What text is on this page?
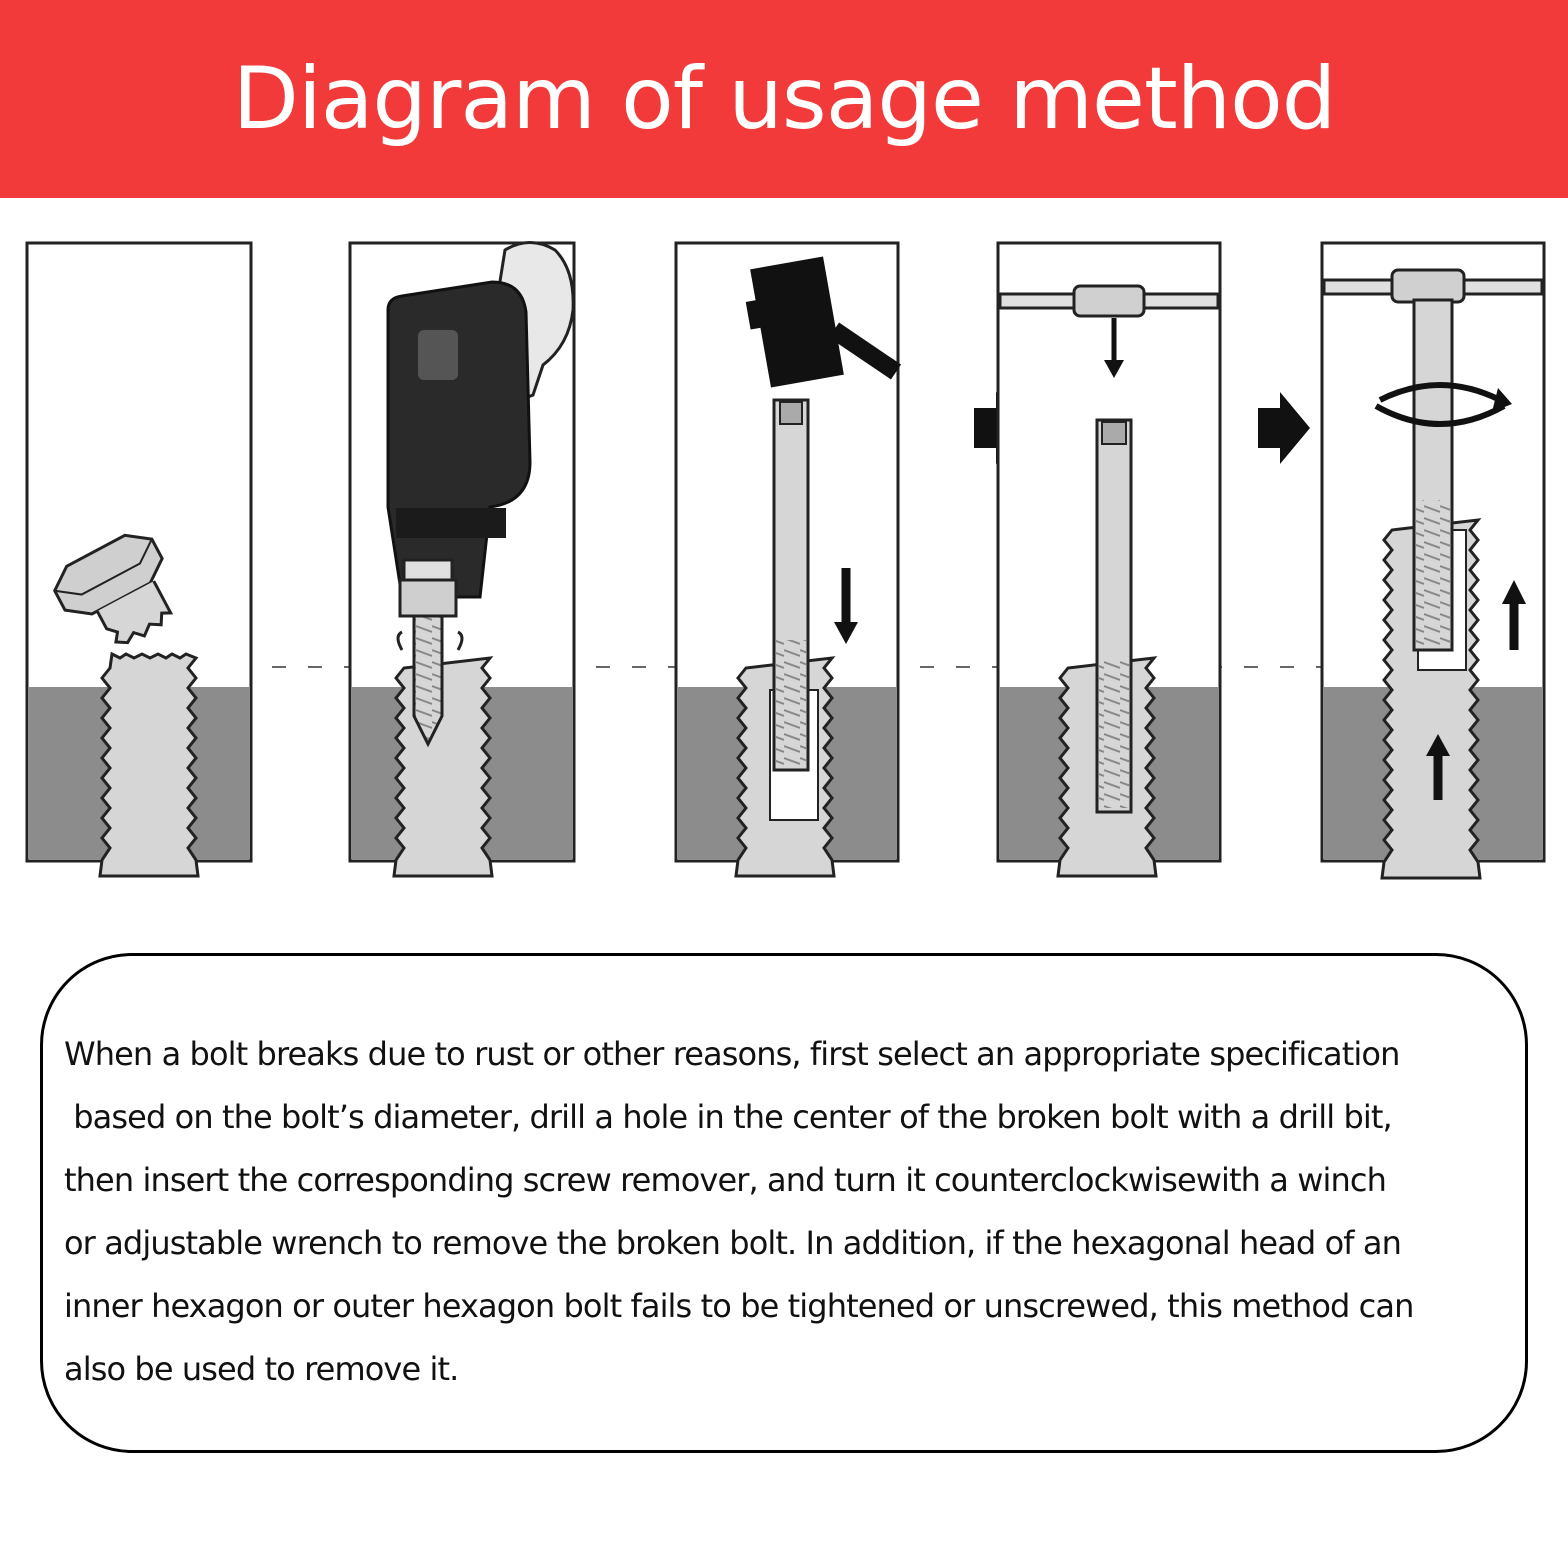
Diagram of usage method

When a bolt breaks due to rust or other reasons, first select an appropriate specification
based on the bolt’s diameter, drill a hole in the center of the broken bolt with a drill bit,
then insert the corresponding screw remover, and turn it counterclockwisewith a winch
or adjustable wrench to remove the broken bolt. In addition, if the hexagonal head of an
inner hexagon or outer hexagon bolt fails to be tightened or unscrewed, this method can
also be used to remove it.
